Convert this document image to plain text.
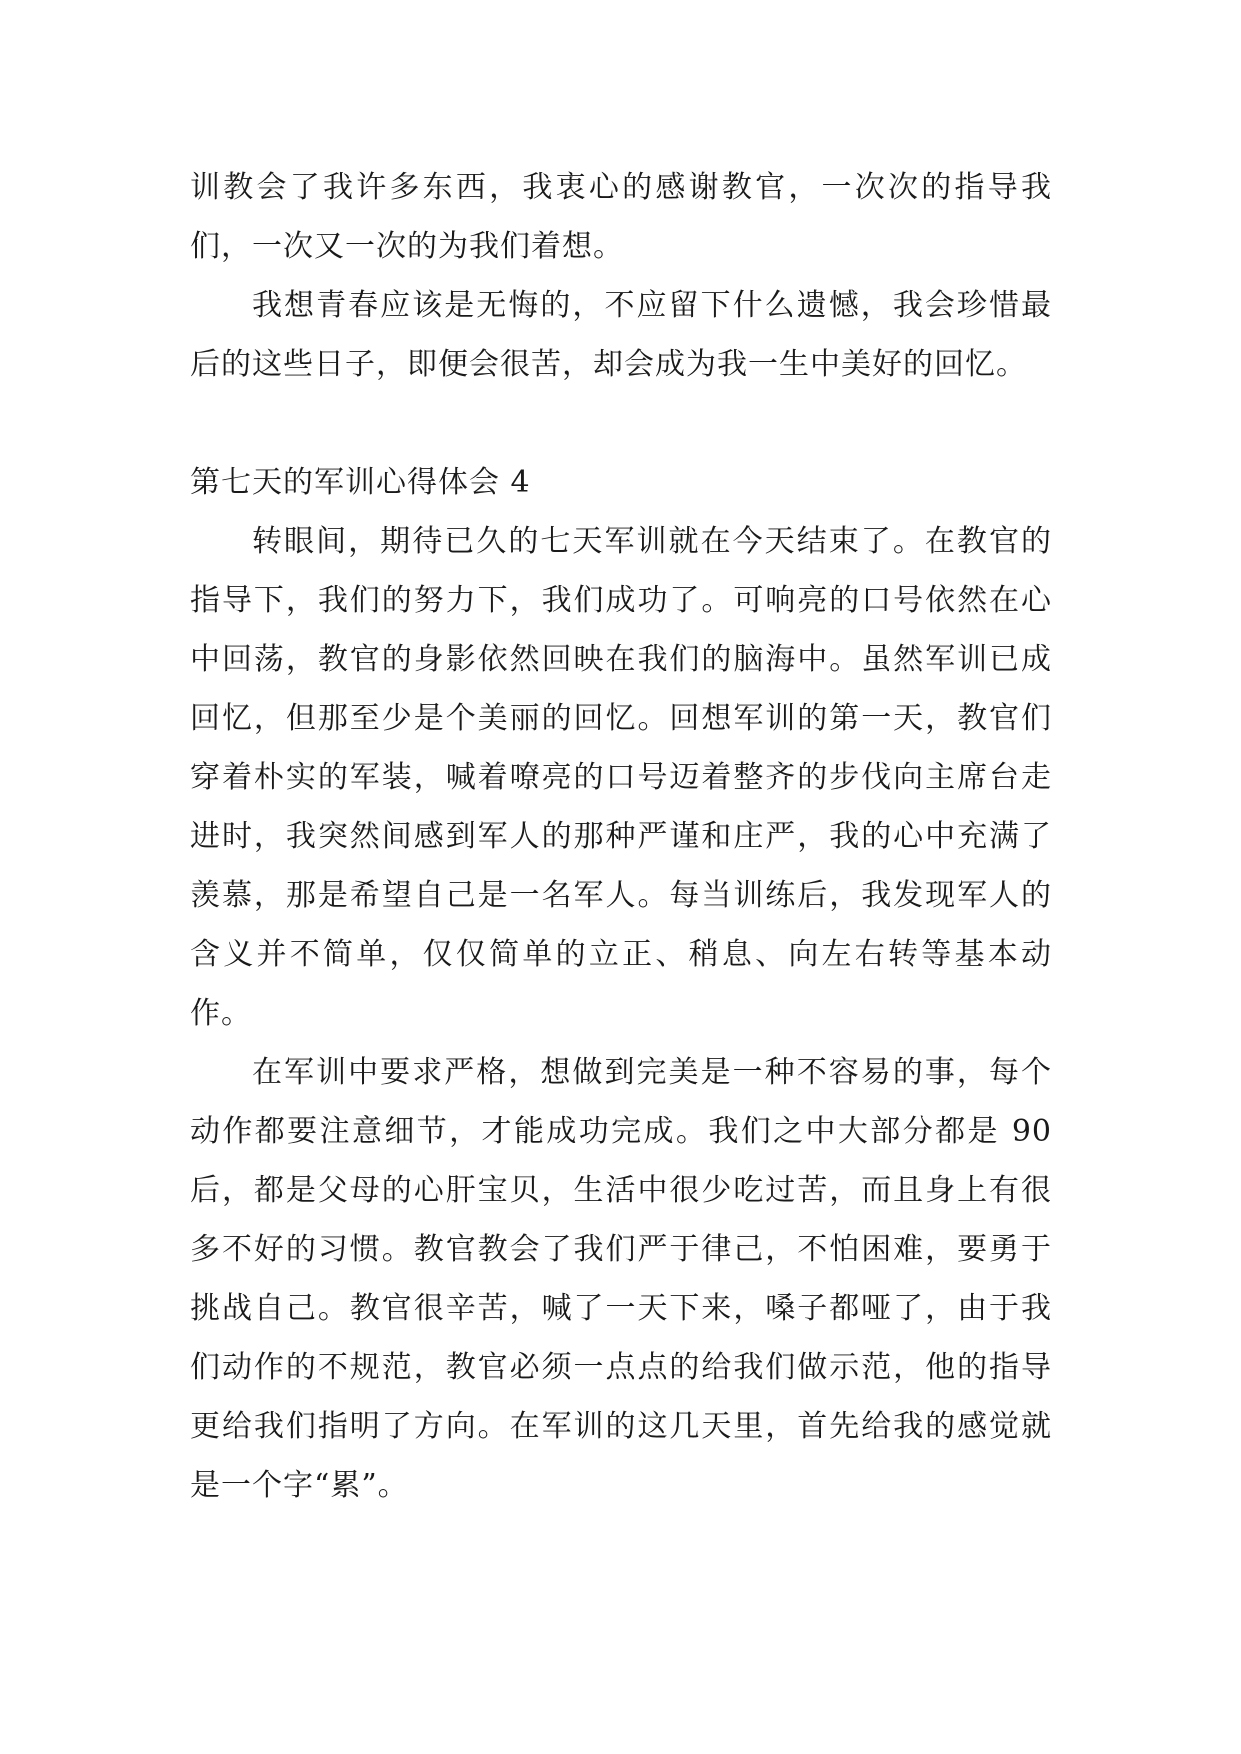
训教会了我许多东西，我衷心的感谢教官，一次次的指导我们，一次又一次的为我们着想。

我想青春应该是无悔的，不应留下什么遗憾，我会珍惜最后的这些日子，即便会很苦，却会成为我一生中美好的回忆。

第七天的军训心得体会 4

转眼间，期待已久的七天军训就在今天结束了。在教官的指导下，我们的努力下，我们成功了。可响亮的口号依然在心中回荡，教官的身影依然回映在我们的脑海中。虽然军训已成回忆，但那至少是个美丽的回忆。回想军训的第一天，教官们穿着朴实的军装，喊着嘹亮的口号迈着整齐的步伐向主席台走进时，我突然间感到军人的那种严谨和庄严，我的心中充满了羡慕，那是希望自己是一名军人。每当训练后，我发现军人的含义并不简单，仅仅简单的立正、稍息、向左右转等基本动作。

在军训中要求严格，想做到完美是一种不容易的事，每个动作都要注意细节，才能成功完成。我们之中大部分都是 90 后，都是父母的心肝宝贝，生活中很少吃过苦，而且身上有很多不好的习惯。教官教会了我们严于律己，不怕困难，要勇于挑战自己。教官很辛苦，喊了一天下来，嗓子都哑了，由于我们动作的不规范，教官必须一点点的给我们做示范，他的指导更给我们指明了方向。在军训的这几天里，首先给我的感觉就是一个字“累”。
